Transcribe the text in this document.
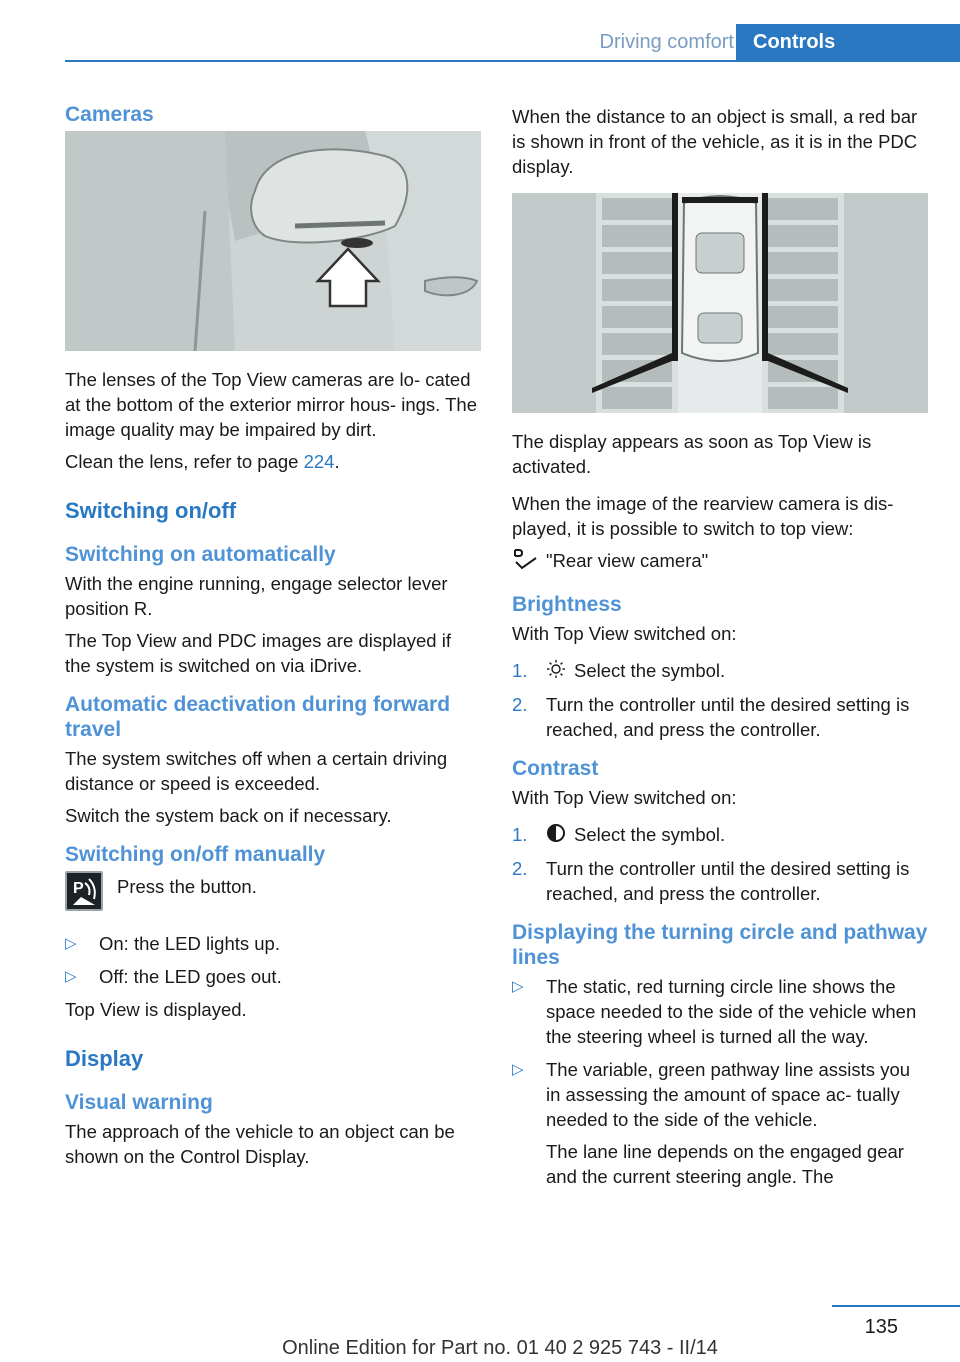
Driving comfort Controls
Cameras

The lenses of the Top View cameras are lo‐ cated at the bottom of the exterior mirror hous‐ ings. The image quality may be impaired by dirt.

Clean the lens, refer to page 224.

Switching on/off
Switching on automatically

With the engine running, engage selector lever position R.

The Top View and PDC images are displayed if the system is switched on via iDrive.

Automatic deactivation during forward travel

The system switches off when a certain driving distance or speed is exceeded.

Switch the system back on if necessary.

Switching on/off manually
P Press the button.

▷ On: the LED lights up.
▷ Off: the LED goes out.

Top View is displayed.

Display
Visual warning

The approach of the vehicle to an object can be shown on the Control Display.

When the distance to an object is small, a red bar is shown in front of the vehicle, as it is in the PDC display.

The display appears as soon as Top View is activated.

When the image of the rearview camera is dis‐ played, it is possible to switch to top view:

"Rear view camera"

Brightness

With Top View switched on:

1.	Select the symbol.
2. Turn the controller until the desired setting is reached, and press the controller.
Contrast

With Top View switched on:

1.	Select the symbol.
2. Turn the controller until the desired setting is reached, and press the controller.
Displaying the turning circle and pathway lines
▷ The static, red turning circle line shows the space needed to the side of the vehicle when the steering wheel is turned all the way.
▷ The variable, green pathway line assists you in assessing the amount of space ac‐ tually needed to the side of the vehicle.

The lane line depends on the engaged gear and the current steering angle. The

135
Online Edition for Part no. 01 40 2 925 743 - II/14
